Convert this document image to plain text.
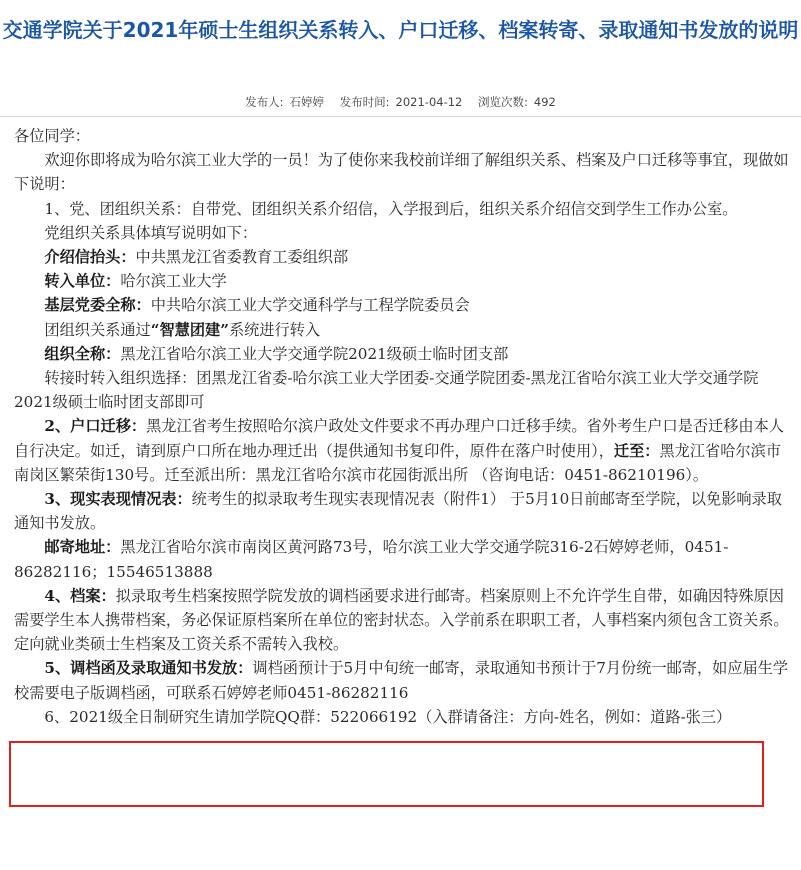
交通学院关于2021年硕士生组织关系转入、户口迁移、档案转寄、录取通知书发放的说明
发布人: 石婷婷 发布时间: 2021-04-12 浏览次数: 492

各位同学：

欢迎你即将成为哈尔滨工业大学的一员！为了使你来我校前详细了解组织关系、档案及户口迁移等事宜，现做如下说明：

1、党、团组织关系：自带党、团组织关系介绍信，入学报到后，组织关系介绍信交到学生工作办公室。

党组织关系具体填写说明如下：

介绍信抬头：中共黑龙江省委教育工委组织部

转入单位：哈尔滨工业大学

基层党委全称：中共哈尔滨工业大学交通科学与工程学院委员会

团组织关系通过“智慧团建”系统进行转入

组织全称：黑龙江省哈尔滨工业大学交通学院2021级硕士临时团支部

转接时转入组织选择：团黑龙江省委-哈尔滨工业大学团委-交通学院团委-黑龙江省哈尔滨工业大学交通学院2021级硕士临时团支部即可

2、户口迁移：黑龙江省考生按照哈尔滨户政处文件要求不再办理户口迁移手续。省外考生户口是否迁移由本人自行决定。如迁，请到原户口所在地办理迁出（提供通知书复印件，原件在落户时使用），迁至：黑龙江省哈尔滨市南岗区繁荣街130号。迁至派出所：黑龙江省哈尔滨市花园街派出所 （咨询电话：0451-86210196）。

3、现实表现情况表：统考生的拟录取考生现实表现情况表（附件1） 于5月10日前邮寄至学院，以免影响录取通知书发放。

邮寄地址：黑龙江省哈尔滨市南岗区黄河路73号，哈尔滨工业大学交通学院316-2石婷婷老师，0451-86282116；15546513888

4、档案：拟录取考生档案按照学院发放的调档函要求进行邮寄。档案原则上不允许学生自带，如确因特殊原因需要学生本人携带档案，务必保证原档案所在单位的密封状态。入学前系在职职工者，人事档案内须包含工资关系。定向就业类硕士生档案及工资关系不需转入我校。

5、调档函及录取通知书发放：调档函预计于5月中旬统一邮寄，录取通知书预计于7月份统一邮寄，如应届生学校需要电子版调档函，可联系石婷婷老师0451-86282116

6、2021级全日制研究生请加学院QQ群：522066192（入群请备注：方向-姓名，例如：道路-张三）
